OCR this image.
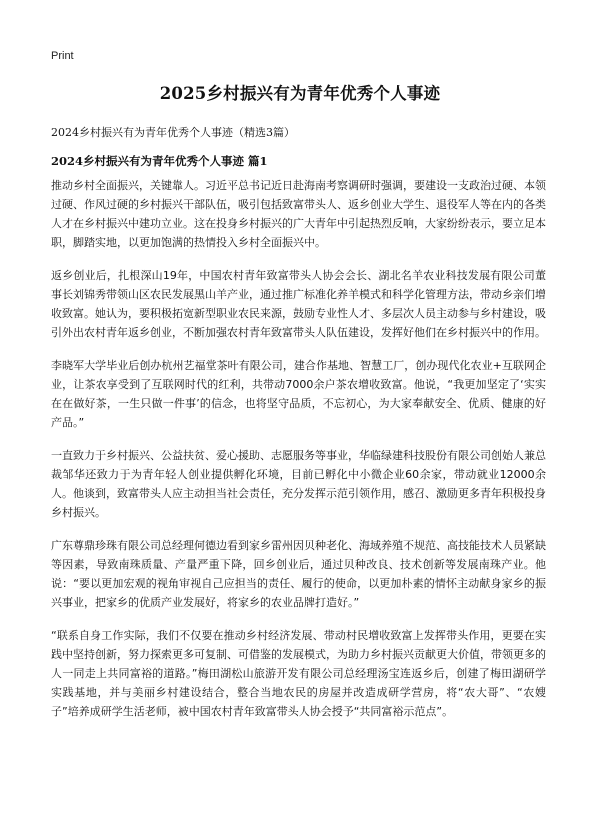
Print
2025乡村振兴有为青年优秀个人事迹
2024乡村振兴有为青年优秀个人事迹（精选3篇）
2024乡村振兴有为青年优秀个人事迹 篇1

推动乡村全面振兴，关键靠人。习近平总书记近日赴海南考察调研时强调，要建设一支政治过硬、本领过硬、作风过硬的乡村振兴干部队伍，吸引包括致富带头人、返乡创业大学生、退役军人等在内的各类人才在乡村振兴中建功立业。这在投身乡村振兴的广大青年中引起热烈反响，大家纷纷表示，要立足本职，脚踏实地，以更加饱满的热情投入乡村全面振兴中。

返乡创业后，扎根深山19年，中国农村青年致富带头人协会会长、湖北名羊农业科技发展有限公司董事长刘锦秀带领山区农民发展黑山羊产业，通过推广标准化养羊模式和科学化管理方法，带动乡亲们增收致富。她认为，要积极拓宽新型职业农民来源，鼓励专业性人才、多层次人员主动参与乡村建设，吸引外出农村青年返乡创业，不断加强农村青年致富带头人队伍建设，发挥好他们在乡村振兴中的作用。

李晓军大学毕业后创办杭州艺福堂茶叶有限公司，建合作基地、智慧工厂，创办现代化农业+互联网企业，让茶农享受到了互联网时代的红利，共带动7000余户茶农增收致富。他说，“我更加坚定了‘实实在在做好茶，一生只做一件事’的信念，也将坚守品质，不忘初心，为大家奉献安全、优质、健康的好产品。”

一直致力于乡村振兴、公益扶贫、爱心援助、志愿服务等事业，华临绿建科技股份有限公司创始人兼总裁邹华还致力于为青年轻人创业提供孵化环境，目前已孵化中小微企业60余家，带动就业12000余人。他谈到，致富带头人应主动担当社会责任，充分发挥示范引领作用，感召、激励更多青年积极投身乡村振兴。

广东尊鼎珍珠有限公司总经理何德边看到家乡雷州因贝种老化、海域养殖不规范、高技能技术人员紧缺等因素，导致南珠质量、产量严重下降，回乡创业后，通过贝种改良、技术创新等发展南珠产业。他说：“要以更加宏观的视角审视自己应担当的责任、履行的使命，以更加朴素的情怀主动献身家乡的振兴事业，把家乡的优质产业发展好，将家乡的农业品牌打造好。”

“联系自身工作实际，我们不仅要在推动乡村经济发展、带动村民增收致富上发挥带头作用，更要在实践中坚持创新，努力探索更多可复制、可借鉴的发展模式，为助力乡村振兴贡献更大价值，带领更多的人一同走上共同富裕的道路。”梅田湖松山旅游开发有限公司总经理汤宝连返乡后，创建了梅田湖研学实践基地，并与美丽乡村建设结合，整合当地农民的房屋并改造成研学营房，将“农大哥”、“农嫂子”培养成研学生活老师，被中国农村青年致富带头人协会授予“共同富裕示范点”。
